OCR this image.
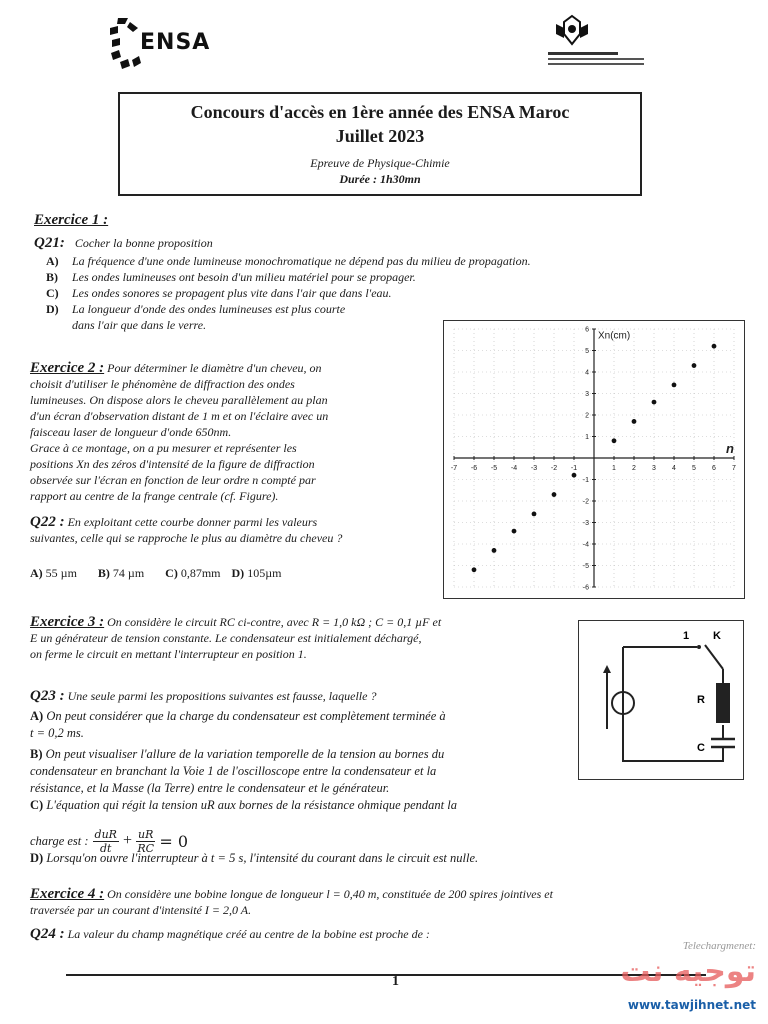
ENSA
Concours d'accès en 1ère année des ENSA Maroc
Juillet 2023
Epreuve de Physique-Chimie
Durée : 1h30mn
Exercice 1 :
Q21: Cocher la bonne proposition
A) La fréquence d'une onde lumineuse monochromatique ne dépend pas du milieu de propagation.
B) Les ondes lumineuses ont besoin d'un milieu matériel pour se propager.
C) Les ondes sonores se propagent plus vite dans l'air que dans l'eau.
D) La longueur d'onde des ondes lumineuses est plus courte
dans l'air que dans le verre.
-7 -6 -5 -4 -3 -2 -1	1 2 3 4 5 6 7
-6
-5
-4
-3
-2
-1
1
2
3
4
5
6
Xn(cm)
n
Exercice 2 : Pour déterminer le diamètre d'un cheveu, on
choisit d'utiliser le phénomène de diffraction des ondes
lumineuses. On dispose alors le cheveu parallèlement au plan
d'un écran d'observation distant de 1 m et on l'éclaire avec un
faisceau laser de longueur d'onde 650nm.
Grace à ce montage, on a pu mesurer et représenter les
positions Xn des zéros d'intensité de la figure de diffraction
observée sur l'écran en fonction de leur ordre n compté par
rapport au centre de la frange centrale (cf. Figure).
Q22 : En exploitant cette courbe donner parmi les valeurs
suivantes, celle qui se rapproche le plus au diamètre du cheveu ?
A) 55 µm B) 74 µm C) 0,87mm D) 105µm
Exercice 3 : On considère le circuit RC ci-contre, avec R = 1,0 kΩ ; C = 0,1 µF et
E un générateur de tension constante. Le condensateur est initialement déchargé,
on ferme le circuit en mettant l'interrupteur en position 1.
1 K
R
C
Q23 : Une seule parmi les propositions suivantes est fausse, laquelle ?
A) On peut considérer que la charge du condensateur est complètement terminée à
t = 0,2 ms.
B) On peut visualiser l'allure de la variation temporelle de la tension au bornes du
condensateur en branchant la Voie 1 de l'oscilloscope entre la condensateur et la
résistance, et la Masse (la Terre) entre le condensateur et le générateur.
C) L'équation qui régit la tension uR aux bornes de la résistance ohmique pendant la
charge est : duR
dt + $\frac{uR}{RC} = 0$
D) Lorsqu'on ouvre l'interrupteur à t = 5 s, l'intensité du courant dans le circuit est nulle.
Exercice 4 : On considère une bobine longue de longueur l = 0,40 m, constituée de 200 spires jointives et
traversée par un courant d'intensité I = 2,0 A.
Q24 : La valeur du champ magnétique créé au centre de la bobine est proche de :
1
Telechargmenet:
توجيه نت
www.tawjihnet.net
